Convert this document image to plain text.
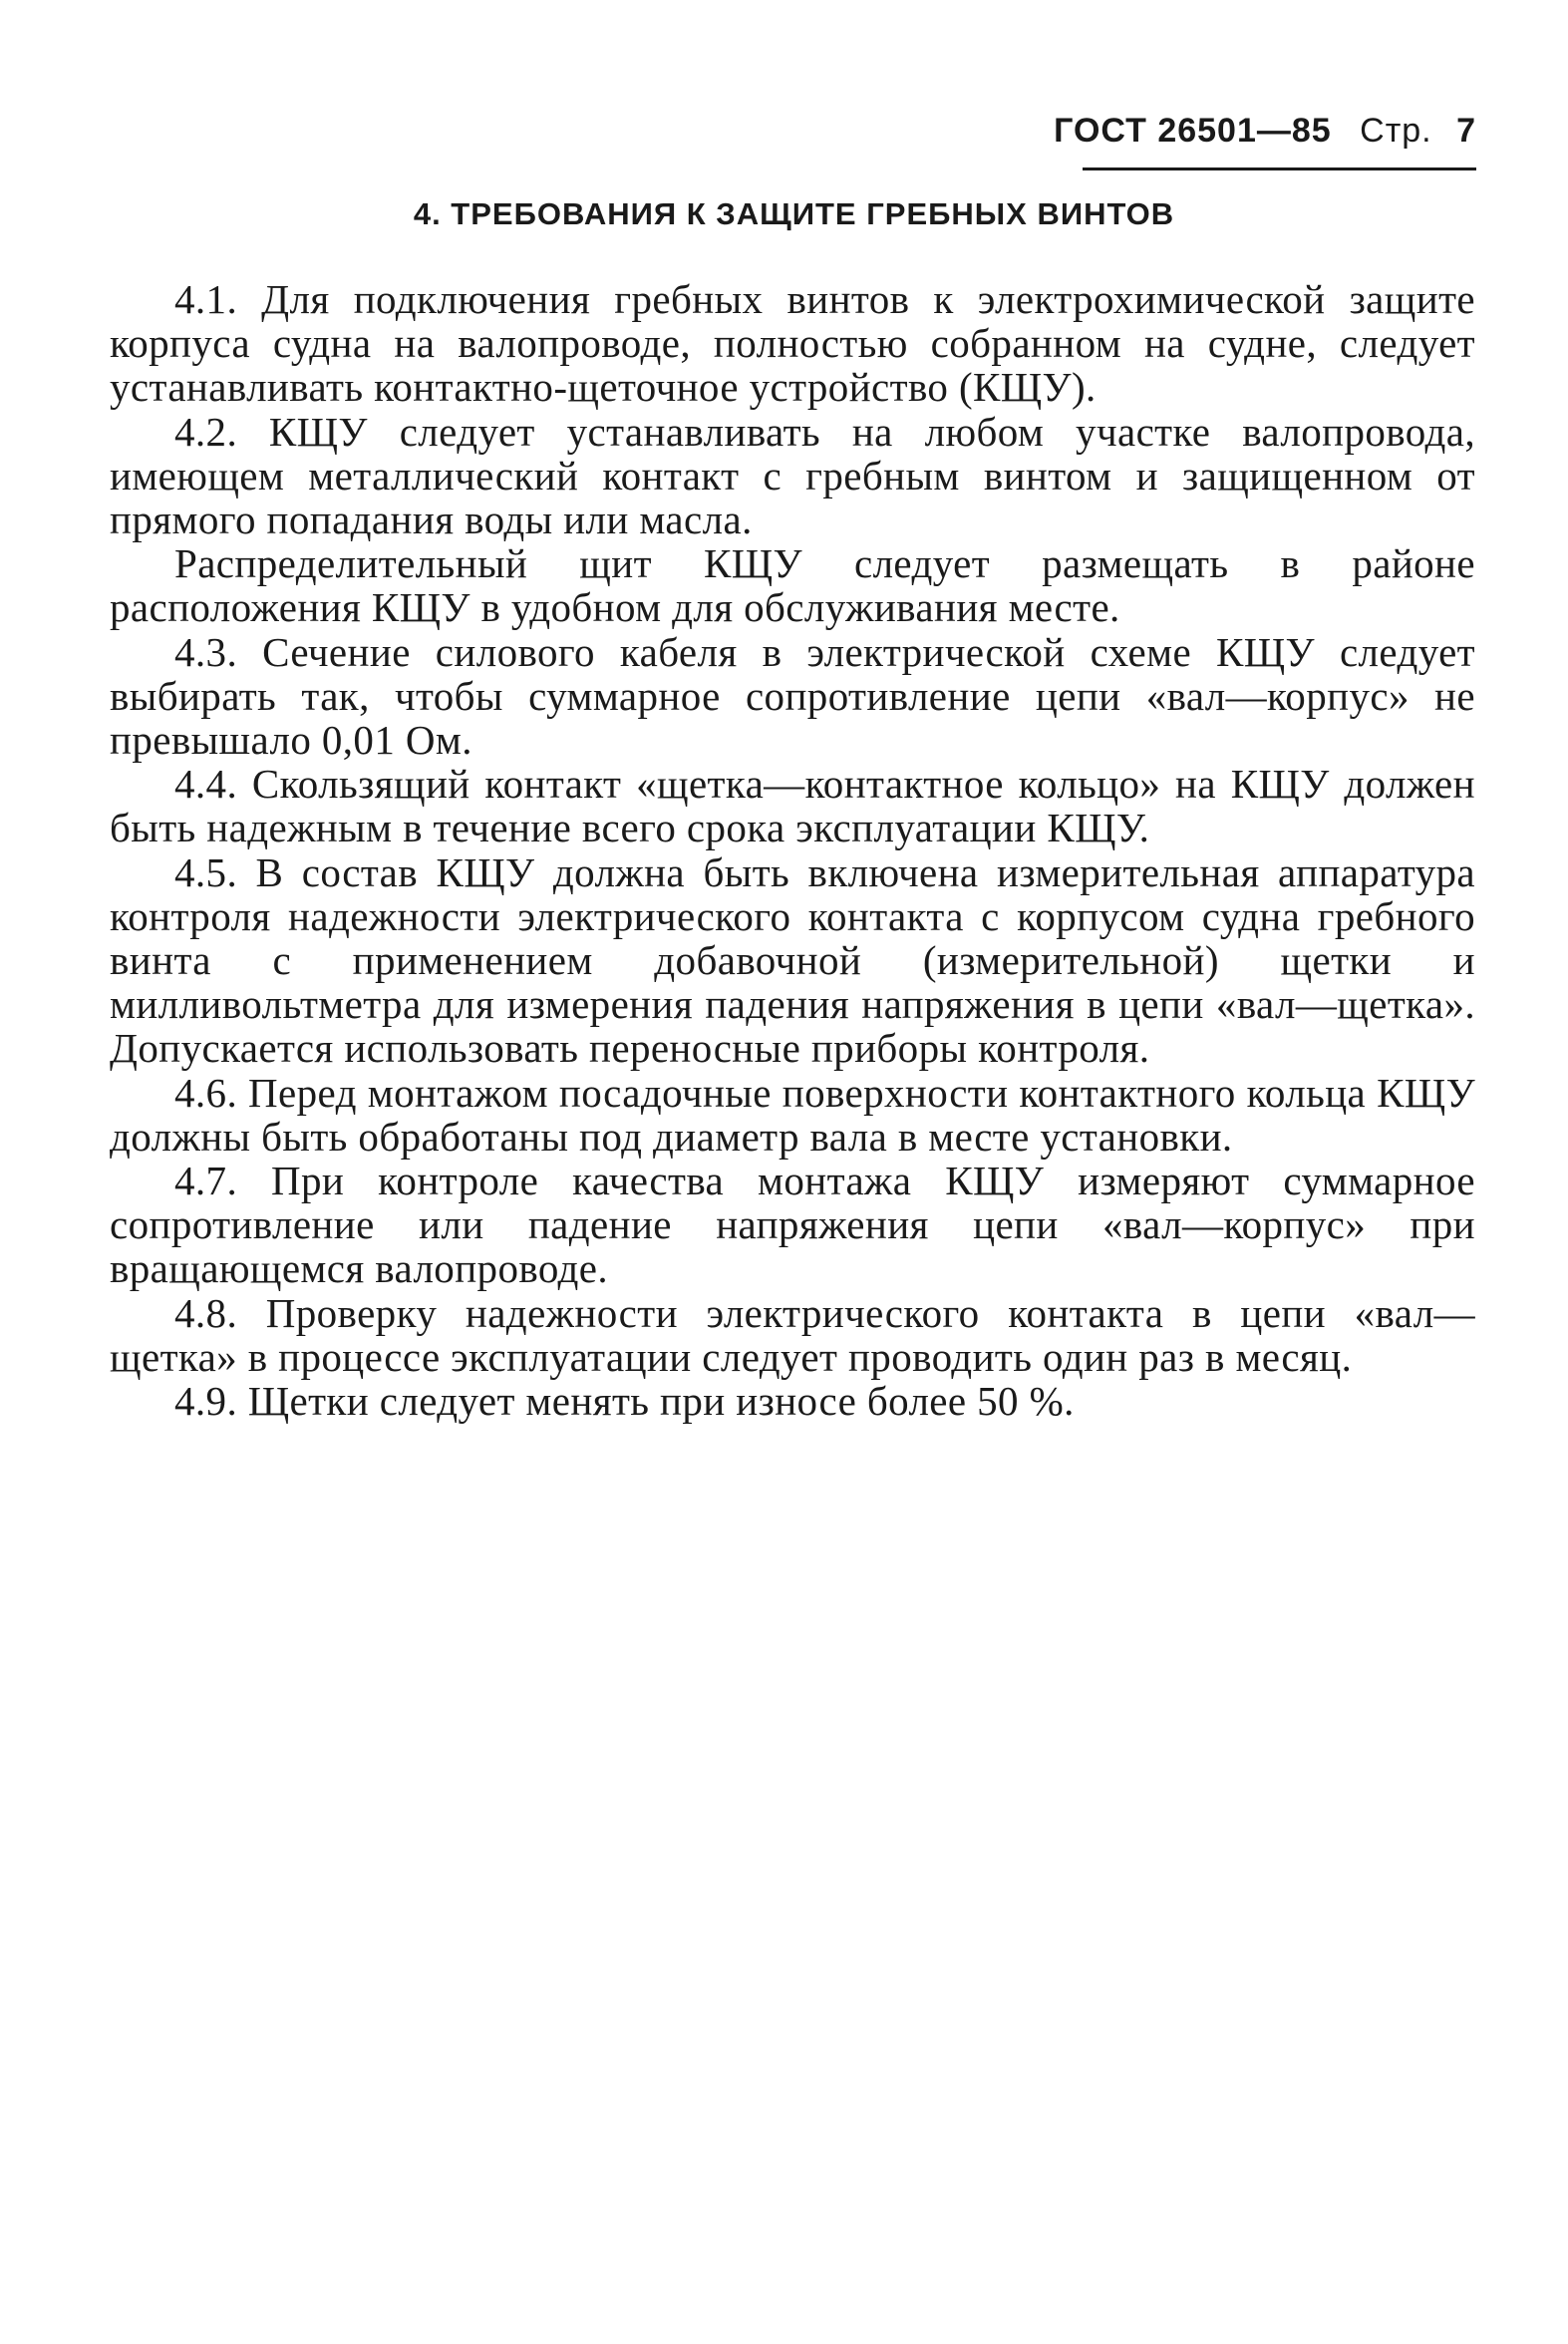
ГОСТ 26501—85 Стр. 7
4. ТРЕБОВАНИЯ К ЗАЩИТЕ ГРЕБНЫХ ВИНТОВ

4.1. Для подключения гребных винтов к электрохимической защите корпуса судна на валопроводе, полностью собранном на судне, следует устанавливать контактно-щеточное устройство (КЩУ).

4.2. КЩУ следует устанавливать на любом участке валопровода, имеющем металлический контакт с гребным винтом и защищенном от прямого попадания воды или масла.

Распределительный щит КЩУ следует размещать в районе расположения КЩУ в удобном для обслуживания месте.

4.3. Сечение силового кабеля в электрической схеме КЩУ следует выбирать так, чтобы суммарное сопротивление цепи «вал—корпус» не превышало 0,01 Ом.

4.4. Скользящий контакт «щетка—контактное кольцо» на КЩУ должен быть надежным в течение всего срока эксплуатации КЩУ.

4.5. В состав КЩУ должна быть включена измерительная аппаратура контроля надежности электрического контакта с корпусом судна гребного винта с применением добавочной (измерительной) щетки и милливольтметра для измерения падения напряжения в цепи «вал—щетка». Допускается использовать переносные приборы контроля.

4.6. Перед монтажом посадочные поверхности контактного кольца КЩУ должны быть обработаны под диаметр вала в месте установки.

4.7. При контроле качества монтажа КЩУ измеряют суммарное сопротивление или падение напряжения цепи «вал—корпус» при вращающемся валопроводе.

4.8. Проверку надежности электрического контакта в цепи «вал—щетка» в процессе эксплуатации следует проводить один раз в месяц.

4.9. Щетки следует менять при износе более 50 %.
